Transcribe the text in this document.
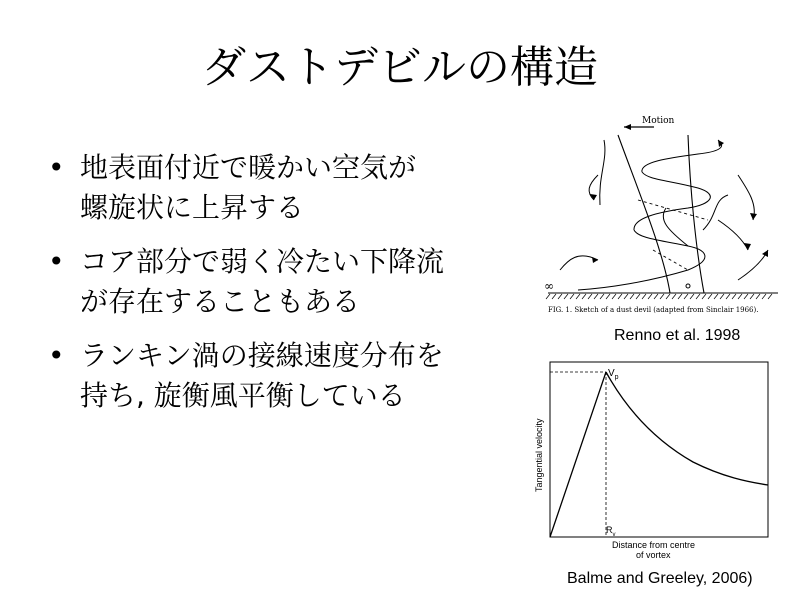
ダストデビルの構造
• 地表面付近で暖かい空気が
螺旋状に上昇する
• コア部分で弱く冷たい下降流
が存在することもある
• ランキン渦の接線速度分布を
持ち, 旋衡風平衡している
Motion
∞
FIG. 1. Sketch of a dust devil (adapted from Sinclair 1966).
Renno et al. 1998
$V_p$
$R_v$
Tangential velocity
Distance from centre
of vortex
Balme and Greeley, 2006)
